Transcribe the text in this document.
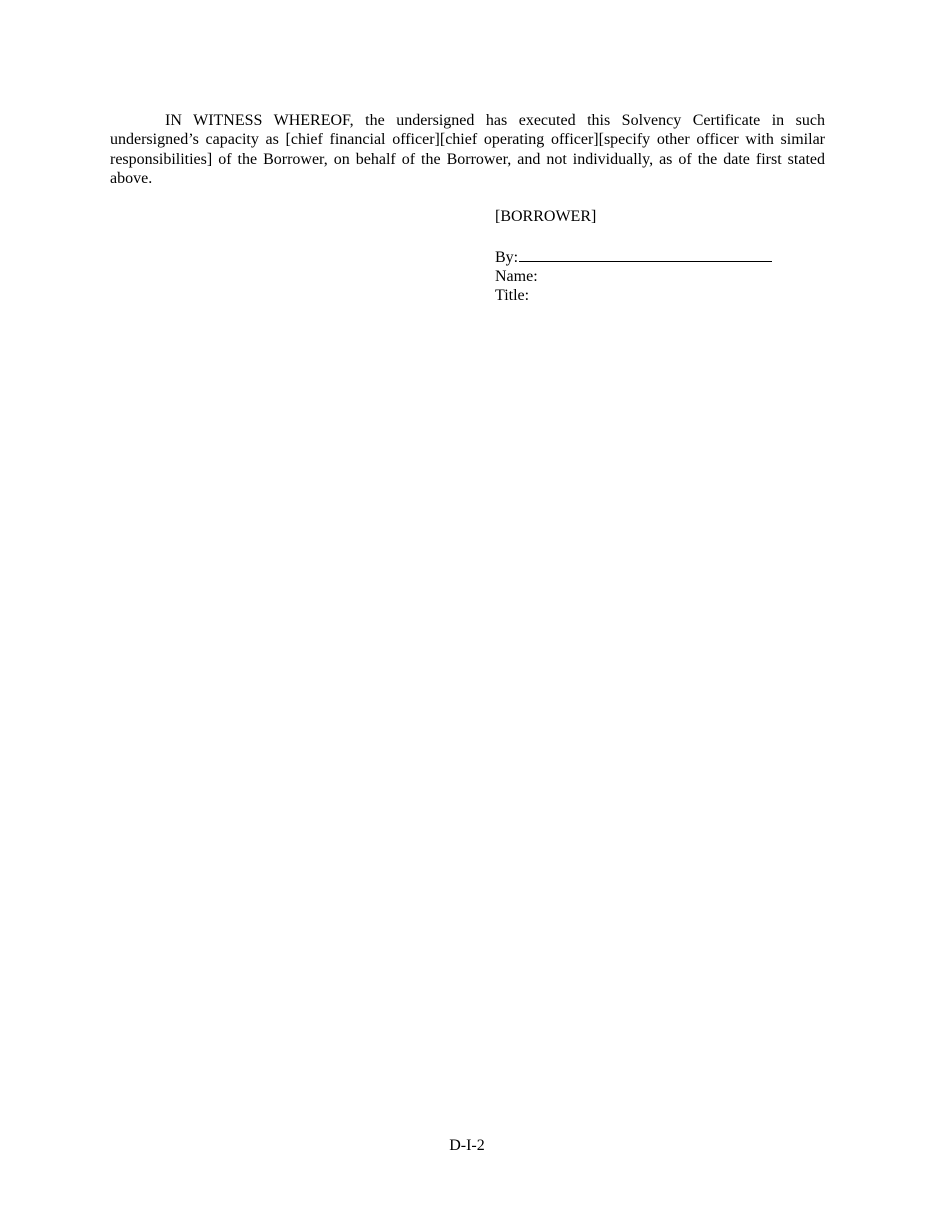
IN WITNESS WHEREOF, the undersigned has executed this Solvency Certificate in such undersigned’s capacity as [chief financial officer][chief operating officer][specify other officer with similar responsibilities] of the Borrower, on behalf of the Borrower, and not individually, as of the date first stated above.

[BORROWER]
By:
Name:
Title:
D-I-2
